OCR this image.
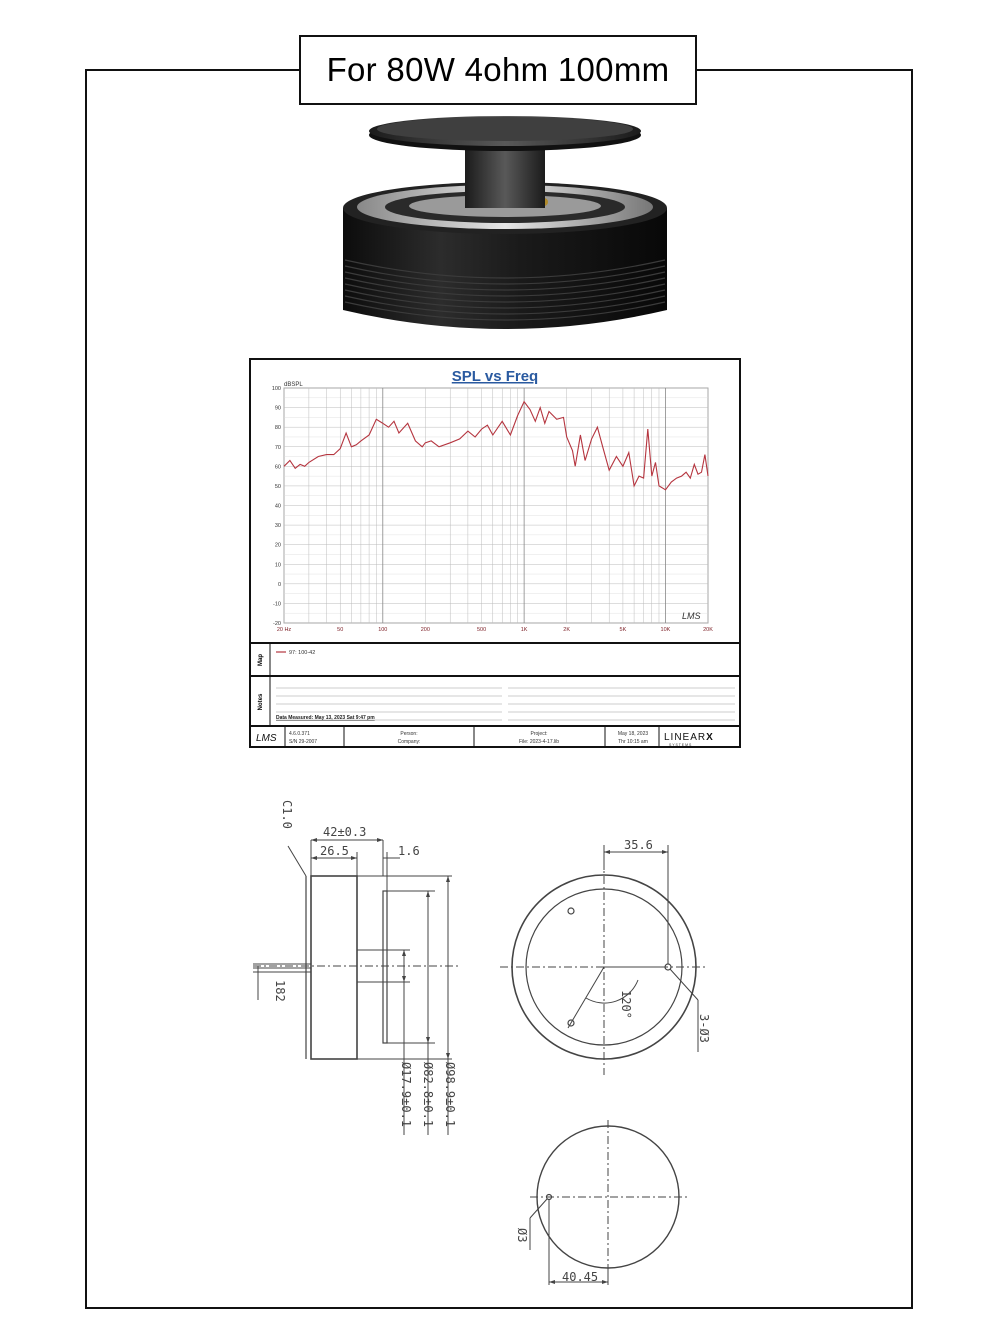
For 80W 4ohm 100mm
SPL vs Freq
dBSPL
100
90
80
70
60
50
40
30
20
10
0
-10
-20
20 Hz	50	100	200	500	1K	2K	5K	10K	20K
LMS
Map
97: 100-42
Notes
Data Measured: May 13, 2023 Sat 9:47 pm
LMS 4.6.0.371
S/N 29-2007
Person:
Company:
Project:
File: 2023-4-17.lib
May 18, 2023
Thr 10:15 am LINEARX
S Y S T E M S
C1.0
42±0.3
26.5	1.6
182
Ø17.9±0.1 Ø82.8±0.1 Ø98.9±0.1
35.6
120°
3-Ø3
Ø3
40.45
